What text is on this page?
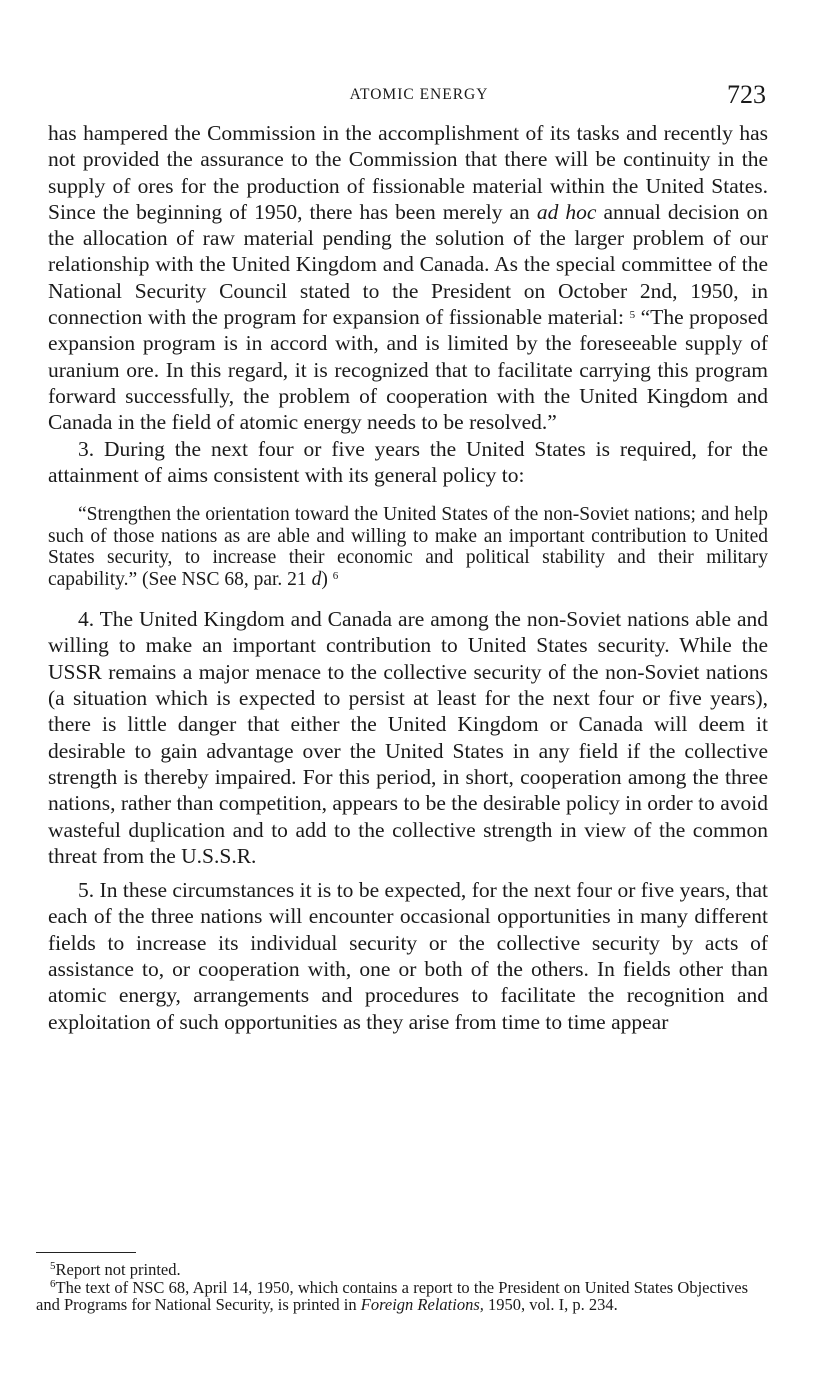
ATOMIC ENERGY	723

has hampered the Commission in the accomplishment of its tasks and recently has not provided the assurance to the Commission that there will be continuity in the supply of ores for the production of fissionable material within the United States. Since the beginning of 1950, there has been merely an ad hoc annual decision on the allocation of raw material pending the solution of the larger problem of our relationship with the United Kingdom and Canada. As the special committee of the National Security Council stated to the President on October 2nd, 1950, in connection with the program for expansion of fissionable material: $^5$ “The proposed expansion program is in accord with, and is limited by the foreseeable supply of uranium ore. In this regard, it is recognized that to facilitate carrying this program forward successfully, the problem of cooperation with the United Kingdom and Canada in the field of atomic energy needs to be resolved.”

3. During the next four or five years the United States is required, for the attainment of aims consistent with its general policy to:

“Strengthen the orientation toward the United States of the non-Soviet nations; and help such of those nations as are able and willing to make an important contribution to United States security, to increase their economic and political stability and their military capability.” (See NSC 68, par. 21 d) $^6$

4. The United Kingdom and Canada are among the non-Soviet nations able and willing to make an important contribution to United States security. While the USSR remains a major menace to the collective security of the non-Soviet nations (a situation which is expected to persist at least for the next four or five years), there is little danger that either the United Kingdom or Canada will deem it desirable to gain advantage over the United States in any field if the collective strength is thereby impaired. For this period, in short, cooperation among the three nations, rather than competition, appears to be the desirable policy in order to avoid wasteful duplication and to add to the collective strength in view of the common threat from the U.S.S.R.

5. In these circumstances it is to be expected, for the next four or five years, that each of the three nations will encounter occasional opportunities in many different fields to increase its individual security or the collective security by acts of assistance to, or cooperation with, one or both of the others. In fields other than atomic energy, arrangements and procedures to facilitate the recognition and exploitation of such opportunities as they arise from time to time appear

$^5$Report not printed.

$^6$The text of NSC 68, April 14, 1950, which contains a report to the President on United States Objectives and Programs for National Security, is printed in Foreign Relations, 1950, vol. I, p. 234.
